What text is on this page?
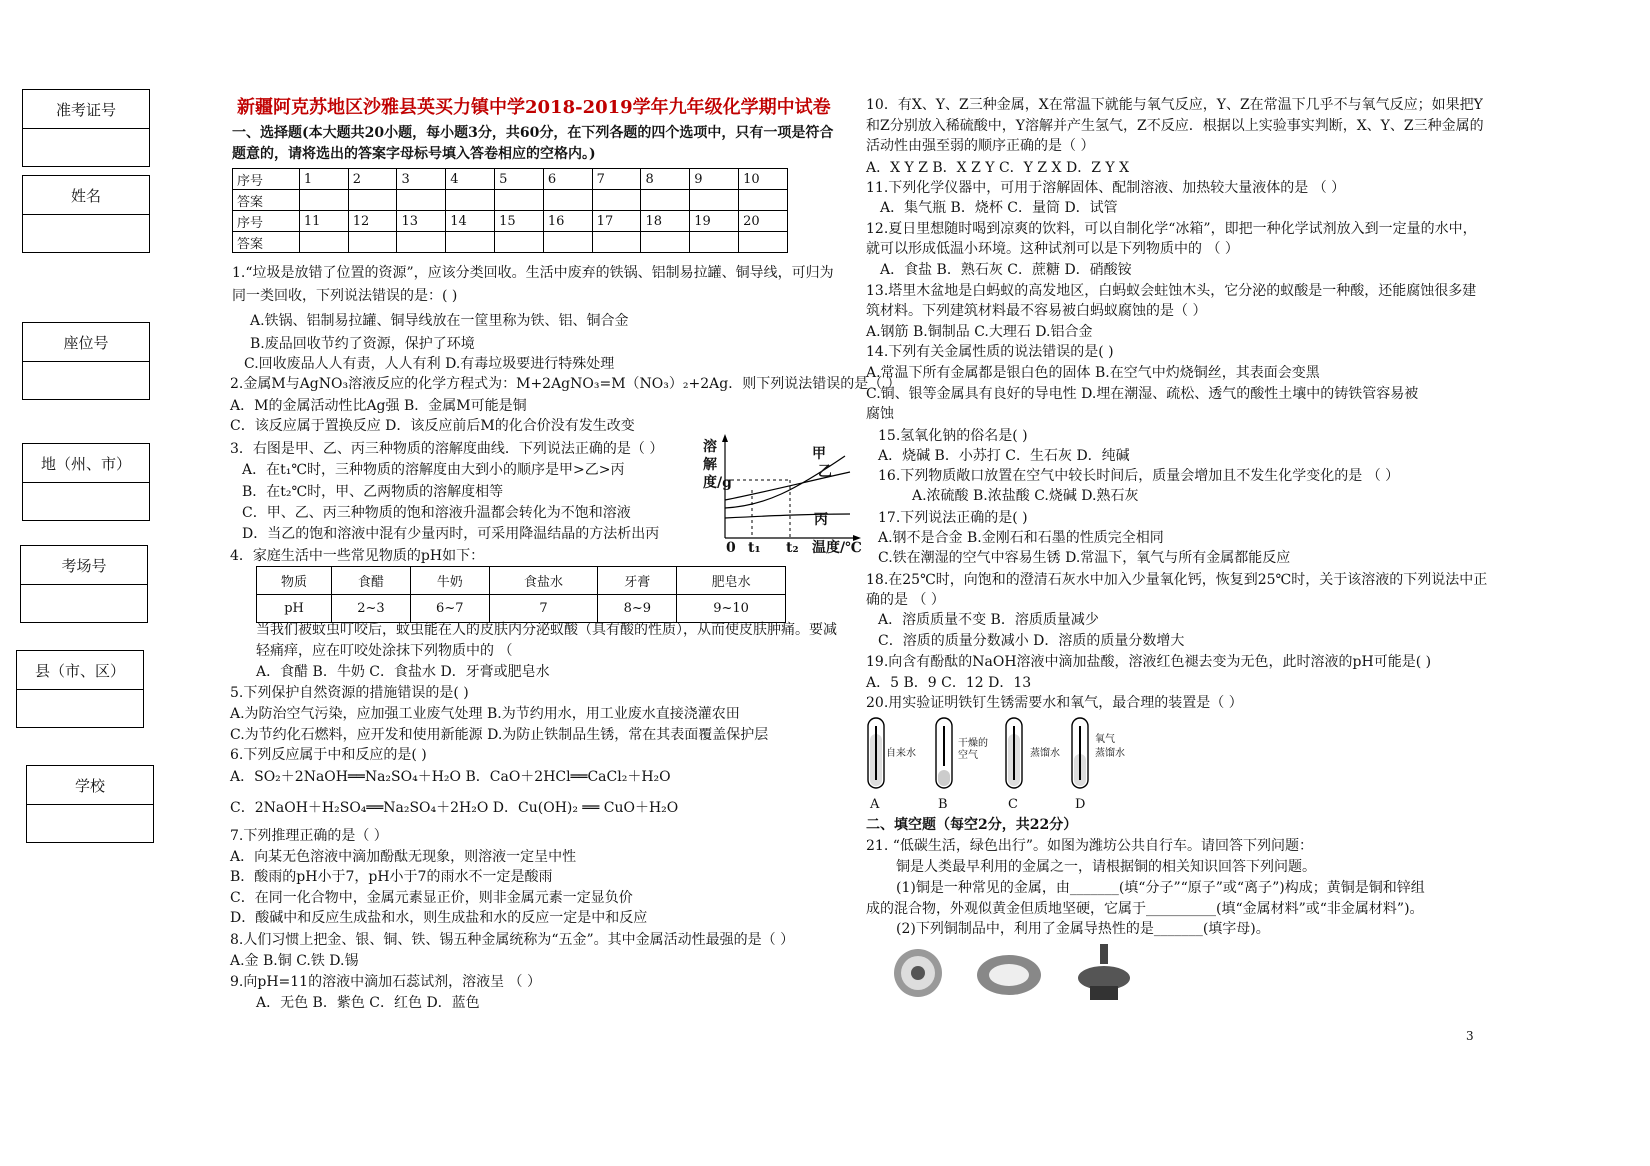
准考证号
姓名
座位号
地（州、市）
考场号
县（市、区）
学校
新疆阿克苏地区沙雅县英买力镇中学2018-2019学年九年级化学期中试卷
一、选择题(本大题共20小题，每小题3分，共60分，在下列各题的四个选项中，只有一项是符合
题意的，请将选出的答案字母标号填入答卷相应的空格内。)
序号	1	2	3	4	5	6	7	8	9	10
答案										
序号	11	12	13	14	15	16	17	18	19	20
答案										
1.“垃圾是放错了位置的资源”，应该分类回收。生活中废弃的铁锅、铝制易拉罐、铜导线，可归为
同一类回收，下列说法错误的是：( )
A.铁锅、铝制易拉罐、铜导线放在一筐里称为铁、铝、铜合金
B.废品回收节约了资源，保护了环境
C.回收废品人人有责，人人有利 D.有毒垃圾要进行特殊处理
2.金属M与AgNO₃溶液反应的化学方程式为：M+2AgNO₃=M（NO₃）₂+2Ag．则下列说法错误的是（ ）
A．M的金属活动性比Ag强 B．金属M可能是铜
C．该反应属于置换反应 D．该反应前后M的化合价没有发生改变
3．右图是甲、乙、丙三种物质的溶解度曲线．下列说法正确的是（ ）
A．在t₁℃时，三种物质的溶解度由大到小的顺序是甲>乙>丙
B．在t₂℃时，甲、乙两物质的溶解度相等
C．甲、乙、丙三种物质的饱和溶液升温都会转化为不饱和溶液
D．当乙的饱和溶液中混有少量丙时，可采用降温结晶的方法析出丙
4．家庭生活中一些常见物质的pH如下：
溶解度/g
0 t₁ t₂ 温度/℃
甲
乙
丙
物质	食醋	牛奶	食盐水	牙膏	肥皂水
pH	2~3	6~7	7	8~9	9~10
当我们被蚊虫叮咬后，蚊虫能在人的皮肤内分泌蚁酸（具有酸的性质），从而使皮肤肿痛。要减
轻痛痒，应在叮咬处涂抹下列物质中的 （
A．食醋 B．牛奶 C．食盐水 D．牙膏或肥皂水
5.下列保护自然资源的措施错误的是( )
A.为防治空气污染，应加强工业废气处理 B.为节约用水，用工业废水直接浇灌农田
C.为节约化石燃料，应开发和使用新能源 D.为防止铁制品生锈，常在其表面覆盖保护层
6.下列反应属于中和反应的是( )
A．SO₂＋2NaOH══Na₂SO₄＋H₂O B．CaO＋2HCl══CaCl₂＋H₂O
C．2NaOH＋H₂SO₄══Na₂SO₄＋2H₂O D．Cu(OH)₂ ══ CuO＋H₂O
7.下列推理正确的是（ ）
A．向某无色溶液中滴加酚酞无现象，则溶液一定呈中性
B．酸雨的pH小于7，pH小于7的雨水不一定是酸雨
C．在同一化合物中，金属元素显正价，则非金属元素一定显负价
D．酸碱中和反应生成盐和水，则生成盐和水的反应一定是中和反应
8.人们习惯上把金、银、铜、铁、锡五种金属统称为“五金”。其中金属活动性最强的是（ ）
A.金 B.铜 C.铁 D.锡
9.向pH=11的溶液中滴加石蕊试剂，溶液呈 （ ）
A．无色 B．紫色 C．红色 D．蓝色
10．有X、Y、Z三种金属，X在常温下就能与氧气反应，Y、Z在常温下几乎不与氧气反应；如果把Y
和Z分别放入稀硫酸中，Y溶解并产生氢气，Z不反应．根据以上实验事实判断，X、Y、Z三种金属的
活动性由强至弱的顺序正确的是（ ）
A．X Y Z B．X Z Y C．Y Z X D．Z Y X
11.下列化学仪器中，可用于溶解固体、配制溶液、加热较大量液体的是 （ ）
A．集气瓶 B．烧杯 C．量筒 D．试管
12.夏日里想随时喝到凉爽的饮料，可以自制化学“冰箱”，即把一种化学试剂放入到一定量的水中，
就可以形成低温小环境。这种试剂可以是下列物质中的 （ ）
A．食盐 B．熟石灰 C．蔗糖 D．硝酸铵
13.塔里木盆地是白蚂蚁的高发地区，白蚂蚁会蛀蚀木头，它分泌的蚁酸是一种酸，还能腐蚀很多建
筑材料。下列建筑材料最不容易被白蚂蚁腐蚀的是（ ）
A.钢筋 B.铜制品 C.大理石 D.铝合金
14.下列有关金属性质的说法错误的是( )
A.常温下所有金属都是银白色的固体 B.在空气中灼烧铜丝，其表面会变黑
C.铜、银等金属具有良好的导电性 D.埋在潮湿、疏松、透气的酸性土壤中的铸铁管容易被
腐蚀
15.氢氧化钠的俗名是( )
A．烧碱 B．小苏打 C．生石灰 D．纯碱
16.下列物质敞口放置在空气中较长时间后，质量会增加且不发生化学变化的是 （ ）
A.浓硫酸 B.浓盐酸 C.烧碱 D.熟石灰
17.下列说法正确的是( )
A.钢不是合金 B.金刚石和石墨的性质完全相同
C.铁在潮湿的空气中容易生锈 D.常温下，氧气与所有金属都能反应
18.在25℃时，向饱和的澄清石灰水中加入少量氧化钙，恢复到25℃时，关于该溶液的下列说法中正
确的是 （ ）
A．溶质质量不变 B．溶质质量减少
C．溶质的质量分数减小 D．溶质的质量分数增大
19.向含有酚酞的NaOH溶液中滴加盐酸，溶液红色褪去变为无色，此时溶液的pH可能是( )
A．5 B．9 C．12 D．13
20.用实验证明铁钉生锈需要水和氧气，最合理的装置是（ ）
自来水
干燥的空气	蒸馏水
氧气
蒸馏水
A	B	C	D
二、填空题（每空2分，共22分）
21. “低碳生活，绿色出行”。如图为潍坊公共自行车。请回答下列问题：
铜是人类最早利用的金属之一，请根据铜的相关知识回答下列问题。
(1)铜是一种常见的金属，由_______(填“分子”“原子”或“离子”)构成；黄铜是铜和锌组
成的混合物，外观似黄金但质地坚硬，它属于__________(填“金属材料”或“非金属材料”)。
(2)下列铜制品中，利用了金属导热性的是_______(填字母)。
3
